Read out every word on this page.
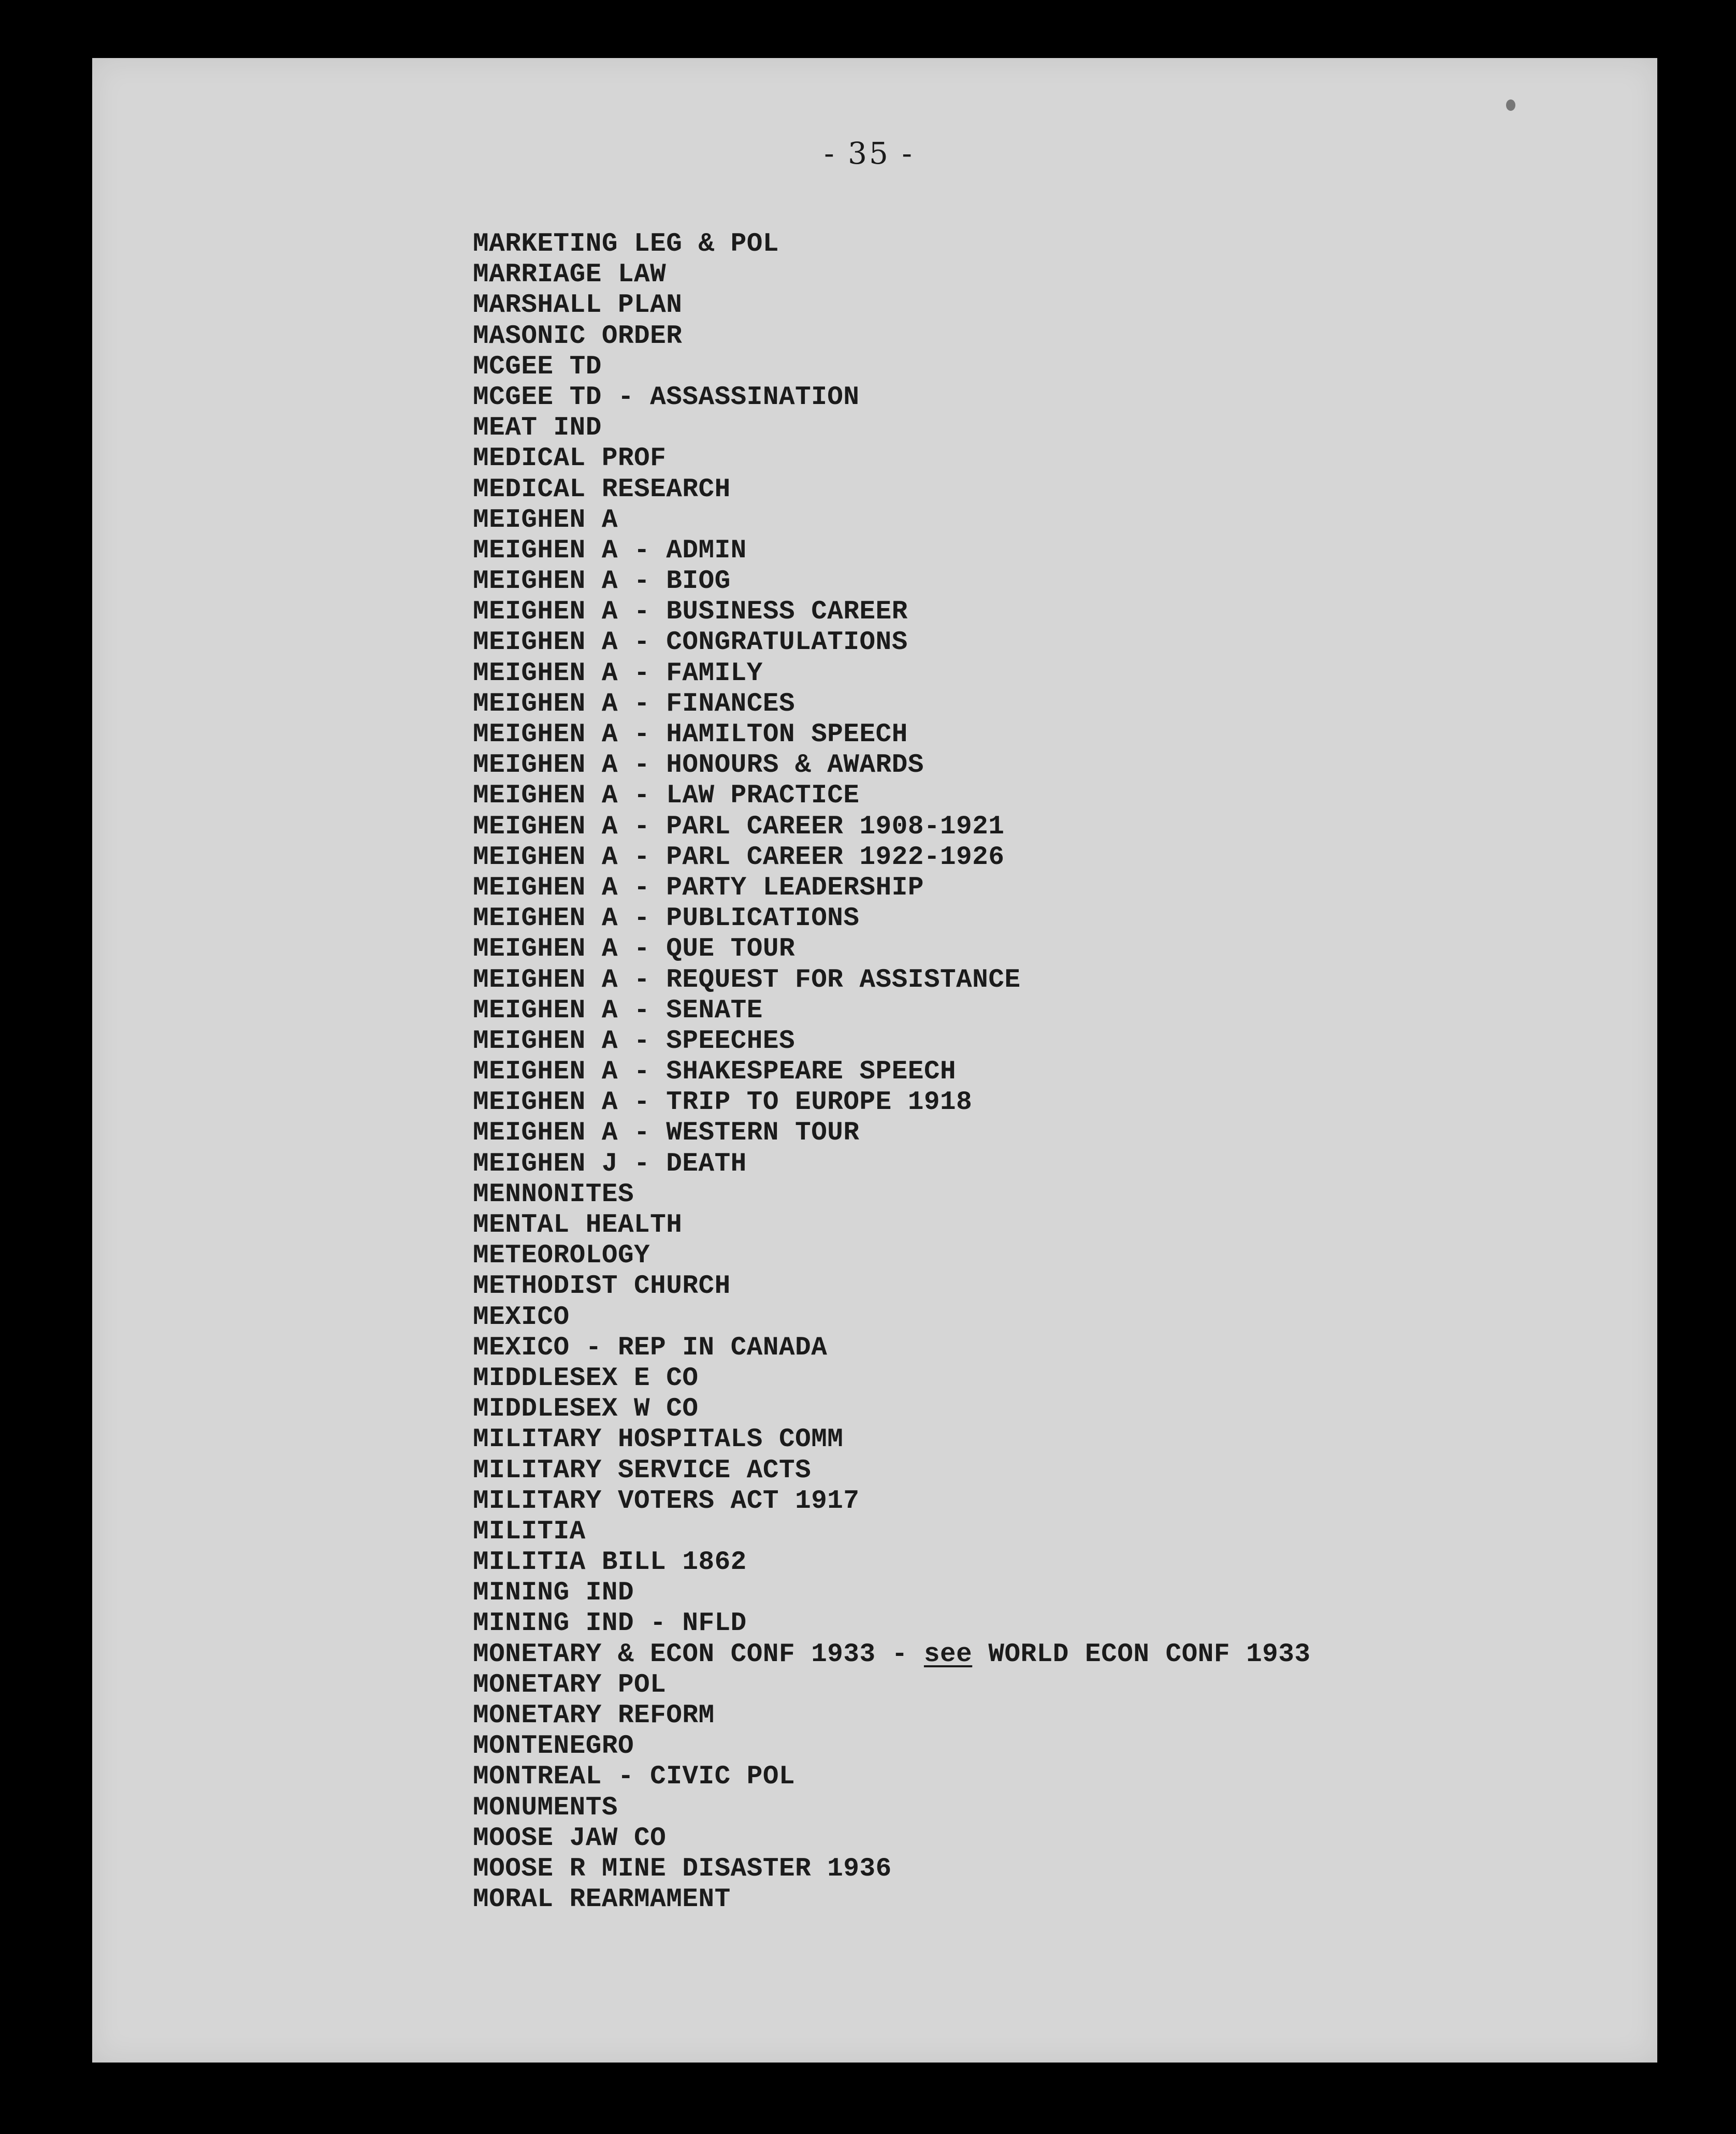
- 35 -
MARKETING LEG & POL
MARRIAGE LAW
MARSHALL PLAN
MASONIC ORDER
MCGEE TD
MCGEE TD - ASSASSINATION
MEAT IND
MEDICAL PROF
MEDICAL RESEARCH
MEIGHEN A
MEIGHEN A - ADMIN
MEIGHEN A - BIOG
MEIGHEN A - BUSINESS CAREER
MEIGHEN A - CONGRATULATIONS
MEIGHEN A - FAMILY
MEIGHEN A - FINANCES
MEIGHEN A - HAMILTON SPEECH
MEIGHEN A - HONOURS & AWARDS
MEIGHEN A - LAW PRACTICE
MEIGHEN A - PARL CAREER 1908-1921
MEIGHEN A - PARL CAREER 1922-1926
MEIGHEN A - PARTY LEADERSHIP
MEIGHEN A - PUBLICATIONS
MEIGHEN A - QUE TOUR
MEIGHEN A - REQUEST FOR ASSISTANCE
MEIGHEN A - SENATE
MEIGHEN A - SPEECHES
MEIGHEN A - SHAKESPEARE SPEECH
MEIGHEN A - TRIP TO EUROPE 1918
MEIGHEN A - WESTERN TOUR
MEIGHEN J - DEATH
MENNONITES
MENTAL HEALTH
METEOROLOGY
METHODIST CHURCH
MEXICO
MEXICO - REP IN CANADA
MIDDLESEX E CO
MIDDLESEX W CO
MILITARY HOSPITALS COMM
MILITARY SERVICE ACTS
MILITARY VOTERS ACT 1917
MILITIA
MILITIA BILL 1862
MINING IND
MINING IND - NFLD
MONETARY & ECON CONF 1933 - see WORLD ECON CONF 1933
MONETARY POL
MONETARY REFORM
MONTENEGRO
MONTREAL - CIVIC POL
MONUMENTS
MOOSE JAW CO
MOOSE R MINE DISASTER 1936
MORAL REARMAMENT
